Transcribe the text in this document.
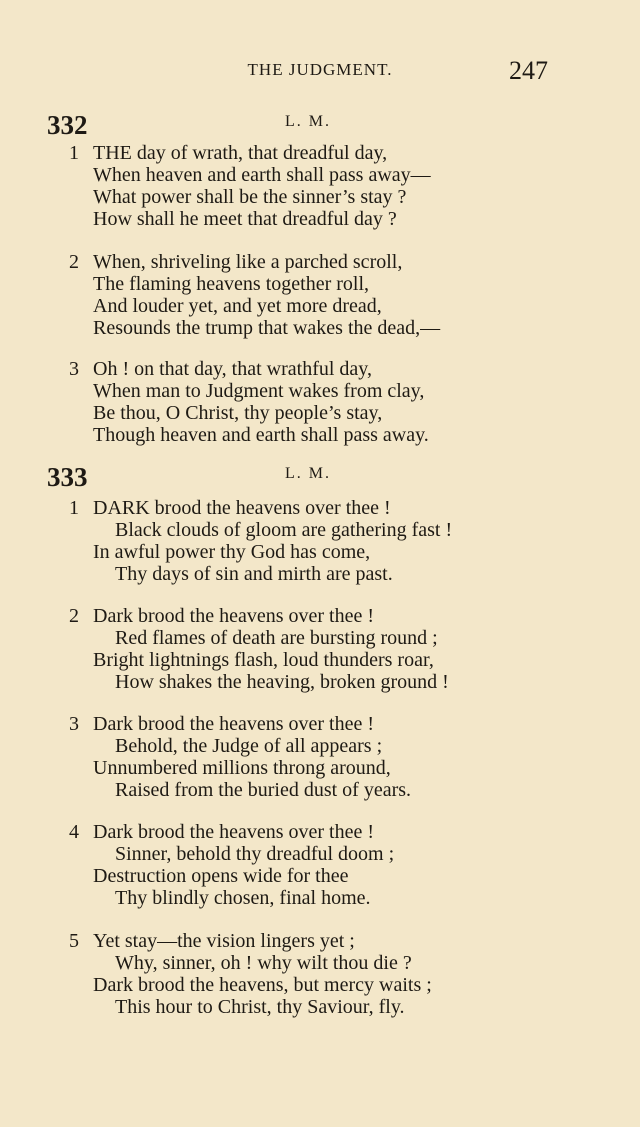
THE JUDGMENT.	247
332	L. M.
1 THE day of wrath, that dreadful day,
When heaven and earth shall pass away—
What power shall be the sinner’s stay ?
How shall he meet that dreadful day ?
2 When, shriveling like a parched scroll,
The flaming heavens together roll,
And louder yet, and yet more dread,
Resounds the trump that wakes the dead,—
3 Oh ! on that day, that wrathful day,
When man to Judgment wakes from clay,
Be thou, O Christ, thy people’s stay,
Though heaven and earth shall pass away.
333	L. M.
1 DARK brood the heavens over thee !
Black clouds of gloom are gathering fast !
In awful power thy God has come,
Thy days of sin and mirth are past.
2 Dark brood the heavens over thee !
Red flames of death are bursting round ;
Bright lightnings flash, loud thunders roar,
How shakes the heaving, broken ground !
3 Dark brood the heavens over thee !
Behold, the Judge of all appears ;
Unnumbered millions throng around,
Raised from the buried dust of years.
4 Dark brood the heavens over thee !
Sinner, behold thy dreadful doom ;
Destruction opens wide for thee
Thy blindly chosen, final home.
5 Yet stay—the vision lingers yet ;
Why, sinner, oh ! why wilt thou die ?
Dark brood the heavens, but mercy waits ;
This hour to Christ, thy Saviour, fly.
